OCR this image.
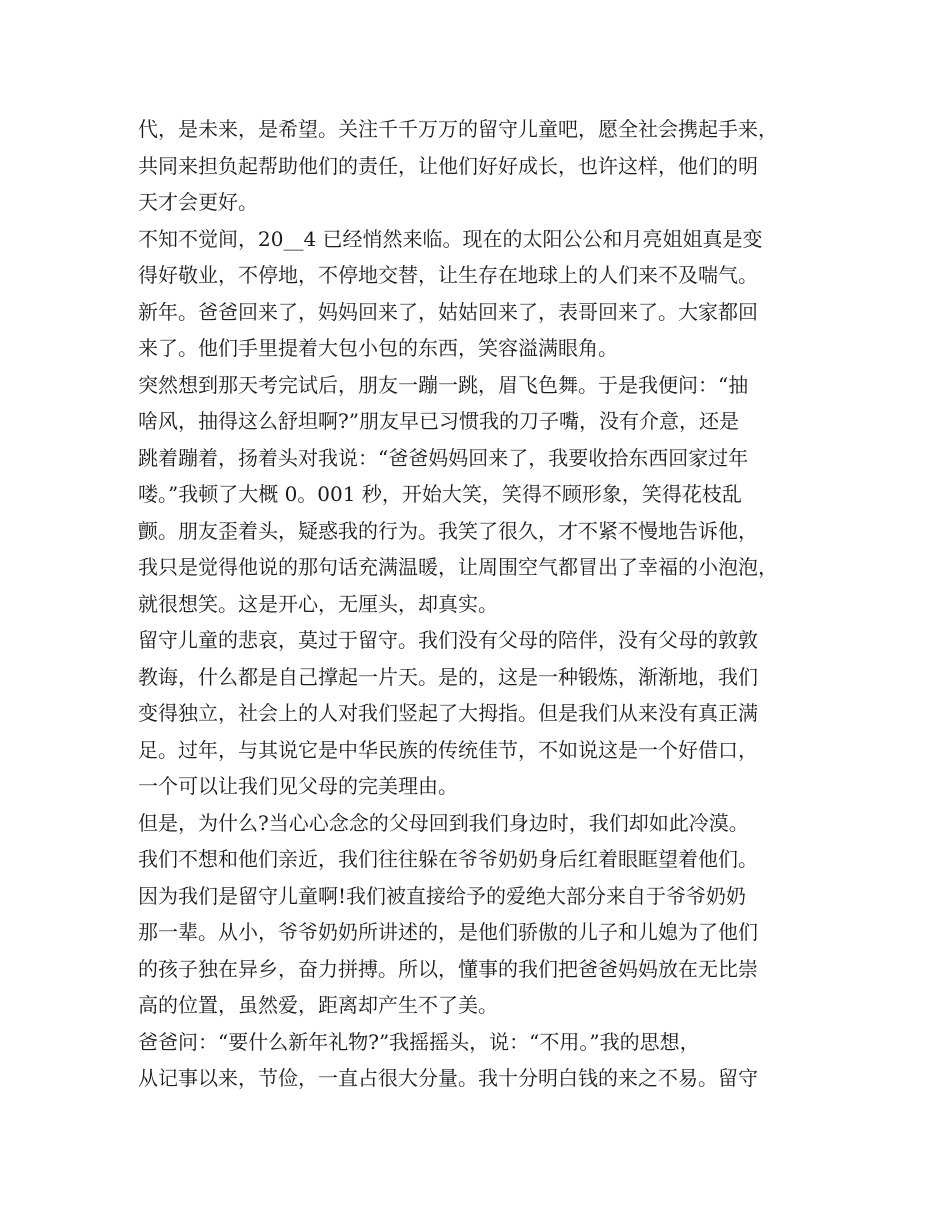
代，是未来，是希望。关注千千万万的留守儿童吧，愿全社会携起手来，
共同来担负起帮助他们的责任，让他们好好成长，也许这样，他们的明
天才会更好。
不知不觉间，20__4 已经悄然来临。现在的太阳公公和月亮姐姐真是变
得好敬业，不停地，不停地交替，让生存在地球上的人们来不及喘气。
新年。爸爸回来了，妈妈回来了，姑姑回来了，表哥回来了。大家都回
来了。他们手里提着大包小包的东西，笑容溢满眼角。
突然想到那天考完试后，朋友一蹦一跳，眉飞色舞。于是我便问：“抽
啥风，抽得这么舒坦啊?”朋友早已习惯我的刀子嘴，没有介意，还是
跳着蹦着，扬着头对我说：“爸爸妈妈回来了，我要收拾东西回家过年
喽。”我顿了大概 0。001 秒，开始大笑，笑得不顾形象，笑得花枝乱
颤。朋友歪着头，疑惑我的行为。我笑了很久，才不紧不慢地告诉他，
我只是觉得他说的那句话充满温暖，让周围空气都冒出了幸福的小泡泡，
就很想笑。这是开心，无厘头，却真实。
留守儿童的悲哀，莫过于留守。我们没有父母的陪伴，没有父母的敦敦
教诲，什么都是自己撑起一片天。是的，这是一种锻炼，渐渐地，我们
变得独立，社会上的人对我们竖起了大拇指。但是我们从来没有真正满
足。过年，与其说它是中华民族的传统佳节，不如说这是一个好借口，
一个可以让我们见父母的完美理由。
但是，为什么?当心心念念的父母回到我们身边时，我们却如此冷漠。
我们不想和他们亲近，我们往往躲在爷爷奶奶身后红着眼眶望着他们。
因为我们是留守儿童啊!我们被直接给予的爱绝大部分来自于爷爷奶奶
那一辈。从小，爷爷奶奶所讲述的，是他们骄傲的儿子和儿媳为了他们
的孩子独在异乡，奋力拼搏。所以，懂事的我们把爸爸妈妈放在无比崇
高的位置，虽然爱，距离却产生不了美。
爸爸问：“要什么新年礼物?”我摇摇头，说：“不用。”我的思想，
从记事以来，节俭，一直占很大分量。我十分明白钱的来之不易。留守
